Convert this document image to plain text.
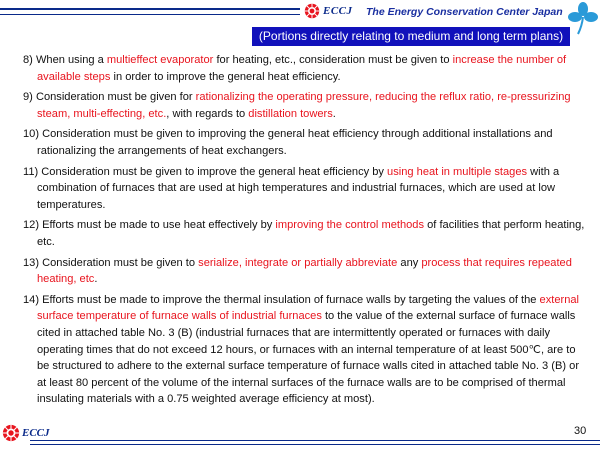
ECCJ The Energy Conservation Center Japan
(Portions directly relating to medium and long term plans)
8) When using a multieffect evaporator for heating, etc., consideration must be given to increase the number of available steps in order to improve the general heat efficiency.
9) Consideration must be given for rationalizing the operating pressure, reducing the reflux ratio, re-pressurizing steam, multi-effecting, etc., with regards to distillation towers.
10) Consideration must be given to improving the general heat efficiency through additional installations and rationalizing the arrangements of heat exchangers.
11) Consideration must be given to improve the general heat efficiency by using heat in multiple stages with a combination of furnaces that are used at high temperatures and industrial furnaces, which are used at low temperatures.
12) Efforts must be made to use heat effectively by improving the control methods of facilities that perform heating, etc.
13) Consideration must be given to serialize, integrate or partially abbreviate any process that requires repeated heating, etc.
14) Efforts must be made to improve the thermal insulation of furnace walls by targeting the values of the external surface temperature of furnace walls of industrial furnaces to the value of the external surface of furnace walls cited in attached table No. 3 (B) (industrial furnaces that are intermittently operated or furnaces with daily operating times that do not exceed 12 hours, or furnaces with an internal temperature of at least 500℃, are to be structured to adhere to the external surface temperature of furnace walls cited in attached table No. 3 (B) or at least 80 percent of the volume of the internal surfaces of the furnace walls are to be comprised of thermal insulating materials with a 0.75 weighted average efficiency at most).
ECCJ	30
